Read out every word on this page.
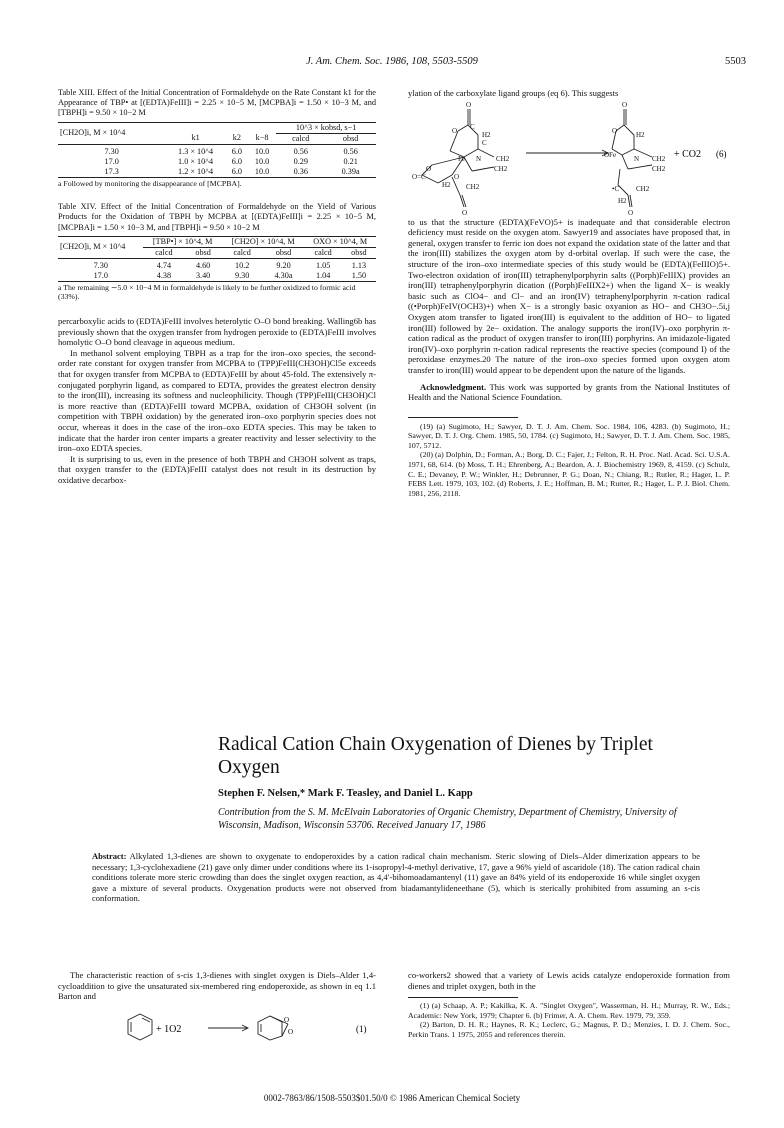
J. Am. Chem. Soc. 1986, 108, 5503-5509	5503

Table XIII. Effect of the Initial Concentration of Formaldehyde on the Rate Constant k1 for the Appearance of TBP• at [(EDTA)FeIII]i = 2.25 × 10−5 M, [MCPBA]i = 1.50 × 10−3 M, and [TBPH]i = 9.50 × 10−2 M

[CH2O]i, M × 10^4				10^3 × kobsd, s−1	
	k1	k2	k−8	calcd	obsd

7.30	1.3 × 10^4	6.0	10.0	0.56	0.56
17.0	1.0 × 10^4	6.0	10.0	0.29	0.21
17.3	1.2 × 10^4	6.0	10.0	0.36	0.39a
a Followed by monitoring the disappearance of [MCPBA].

Table XIV. Effect of the Initial Concentration of Formaldehyde on the Yield of Various Products for the Oxidation of TBPH by MCPBA at [(EDTA)FeIII]i = 2.25 × 10−5 M, [MCPBA]i = 1.50 × 10−3 M, and [TBPH]i = 9.50 × 10−2 M

[CH2O]i, M × 10^4	[TBP•] × 10^4, M		[CH2O] × 10^4, M		OXO × 10^4, M	
	calcd	obsd	calcd	obsd	calcd	obsd

7.30	4.74	4.60	10.2	9.20	1.05	1.13
17.0	4.38	3.40	9.30	4.30a	1.04	1.50
a The remaining ∼5.0 × 10−4 M in formaldehyde is likely to be further oxidized to formic acid (33%).

percarboxylic acids to (EDTA)FeIII involves heterolytic O–O bond breaking. Walling6b has previously shown that the oxygen transfer from hydrogen peroxide to (EDTA)FeIII involves homolytic O–O bond cleavage in aqueous medium.

In methanol solvent employing TBPH as a trap for the iron–oxo species, the second-order rate constant for oxygen transfer from MCPBA to (TPP)FeIII(CH3OH)Cl5e exceeds that for oxygen transfer from MCPBA to (EDTA)FeIII by about 45-fold. The extensively π-conjugated porphyrin ligand, as compared to EDTA, provides the greatest electron density to the iron(III), increasing its softness and nucleophilicity. Though (TPP)FeIII(CH3OH)Cl is more reactive than (EDTA)FeIII toward MCPBA, oxidation of CH3OH solvent (in competition with TBPH oxidation) by the generated iron–oxo porphyrin species does not occur, whereas it does in the case of the iron–oxo EDTA species. This may be taken to indicate that the harder iron center imparts a greater reactivity and lesser selectivity to the iron–oxo EDTA species.

It is surprising to us, even in the presence of both TBPH and CH3OH solvent as traps, that oxygen transfer to the (EDTA)FeIII catalyst does not result in its destruction by oxidative decarbox-

ylation of the carboxylate ligand groups (eq 6). This suggests

O
O C
H2
C
Fe N CH2
CH2
O
O=C
H2
O
CH2
O
O
O	H2
OFe	N CH2
CH2
•C
H2
CH2
O
+ CO2 (6)

to us that the structure (EDTA)(FeVO)5+ is inadequate and that considerable electron deficiency must reside on the oxygen atom. Sawyer19 and associates have proposed that, in general, oxygen transfer to ferric ion does not expand the oxidation state of the latter and that the iron(III) stabilizes the oxygen atom by d-orbital overlap. If such were the case, the structure of the iron–oxo intermediate species of this study would be (EDTA)(FeIIIO)5+. Two-electron oxidation of iron(III) tetraphenylporphyrin salts ((Porph)FeIIIX) provides an iron(III) tetraphenylporphyrin dication ((Porph)FeIIIX2+) when the ligand X− is weakly basic such as ClO4− and Cl− and an iron(IV) tetraphenylporphyrin π-cation radical ((•Porph)FeIV(OCH3)+) when X− is a strongly basic oxyanion as HO− and CH3O−.5i,j Oxygen atom transfer to ligated iron(III) is equivalent to the addition of HO− to ligated iron(III) followed by 2e− oxidation. The analogy supports the iron(IV)–oxo porphyrin π-cation radical as the product of oxygen transfer to iron(III) porphyrins. An imidazole-ligated iron(IV)–oxo porphyrin π-cation radical represents the reactive species (compound I) of the peroxidase enzymes.20 The nature of the iron–oxo species formed upon oxygen atom transfer to iron(III) would appear to be dependent upon the nature of the ligands.

Acknowledgment. This work was supported by grants from the National Institutes of Health and the National Science Foundation.

(19) (a) Sugimoto, H.; Sawyer, D. T. J. Am. Chem. Soc. 1984, 106, 4283. (b) Sugimoto, H.; Sawyer, D. T. J. Org. Chem. 1985, 50, 1784. (c) Sugimoto, H.; Sawyer, D. T. J. Am. Chem. Soc. 1985, 107, 5712.

(20) (a) Dolphin, D.; Forman, A.; Borg, D. C.; Fajer, J.; Felton, R. H. Proc. Natl. Acad. Sci. U.S.A. 1971, 68, 614. (b) Moss, T. H.; Ehrenberg, A.; Beardon, A. J. Biochemistry 1969, 8, 4159. (c) Schulz, C. E.; Devaney, P. W.; Winkler, H.; Debrunner, P. G.; Doan, N.; Chiang, R.; Rutler, R.; Hager, L. P. FEBS Lett. 1979, 103, 102. (d) Roberts, J. E.; Hoffman, B. M.; Rutter, R.; Hager, L. P. J. Biol. Chem. 1981, 256, 2118.

Radical Cation Chain Oxygenation of Dienes by Triplet Oxygen
Stephen F. Nelsen,* Mark F. Teasley, and Daniel L. Kapp
Contribution from the S. M. McElvain Laboratories of Organic Chemistry, Department of Chemistry, University of Wisconsin, Madison, Wisconsin 53706. Received January 17, 1986
Abstract: Alkylated 1,3-dienes are shown to oxygenate to endoperoxides by a cation radical chain mechanism. Steric slowing of Diels–Alder dimerization appears to be necessary; 1,3-cyclohexadiene (21) gave only dimer under conditions where its 1-isopropyl-4-methyl derivative, 17, gave a 96% yield of ascaridole (18). The cation radical chain conditions tolerate more steric crowding than does the singlet oxygen reaction, as 4,4′-bihomoadamantenyl (11) gave an 84% yield of its endoperoxide 16 while singlet oxygen gave a mixture of several products. Oxygenation products were not observed from biadamantylideneethane (5), which is sterically prohibited from assuming an s-cis conformation.

The characteristic reaction of s-cis 1,3-dienes with singlet oxygen is Diels–Alder 1,4-cycloaddition to give the unsaturated six-membered ring endoperoxide, as shown in eq 1.1 Barton and

+ 1O2
O
O	(1)

co-workers2 showed that a variety of Lewis acids catalyze endoperoxide formation from dienes and triplet oxygen, both in the

(1) (a) Schaap, A. P.; Kakilka, K. A. "Singlet Oxygen", Wasserman, H. H.; Murray, R. W., Eds.; Academic: New York, 1979; Chapter 6. (b) Frimer, A. A. Chem. Rev. 1979, 79, 359.

(2) Barton, D. H. R.; Haynes, R. K.; Leclerc, G.; Magnus, P. D.; Menzies, I. D. J. Chem. Soc., Perkin Trans. 1 1975, 2055 and references therein.

0002-7863/86/1508-5503$01.50/0 © 1986 American Chemical Society
